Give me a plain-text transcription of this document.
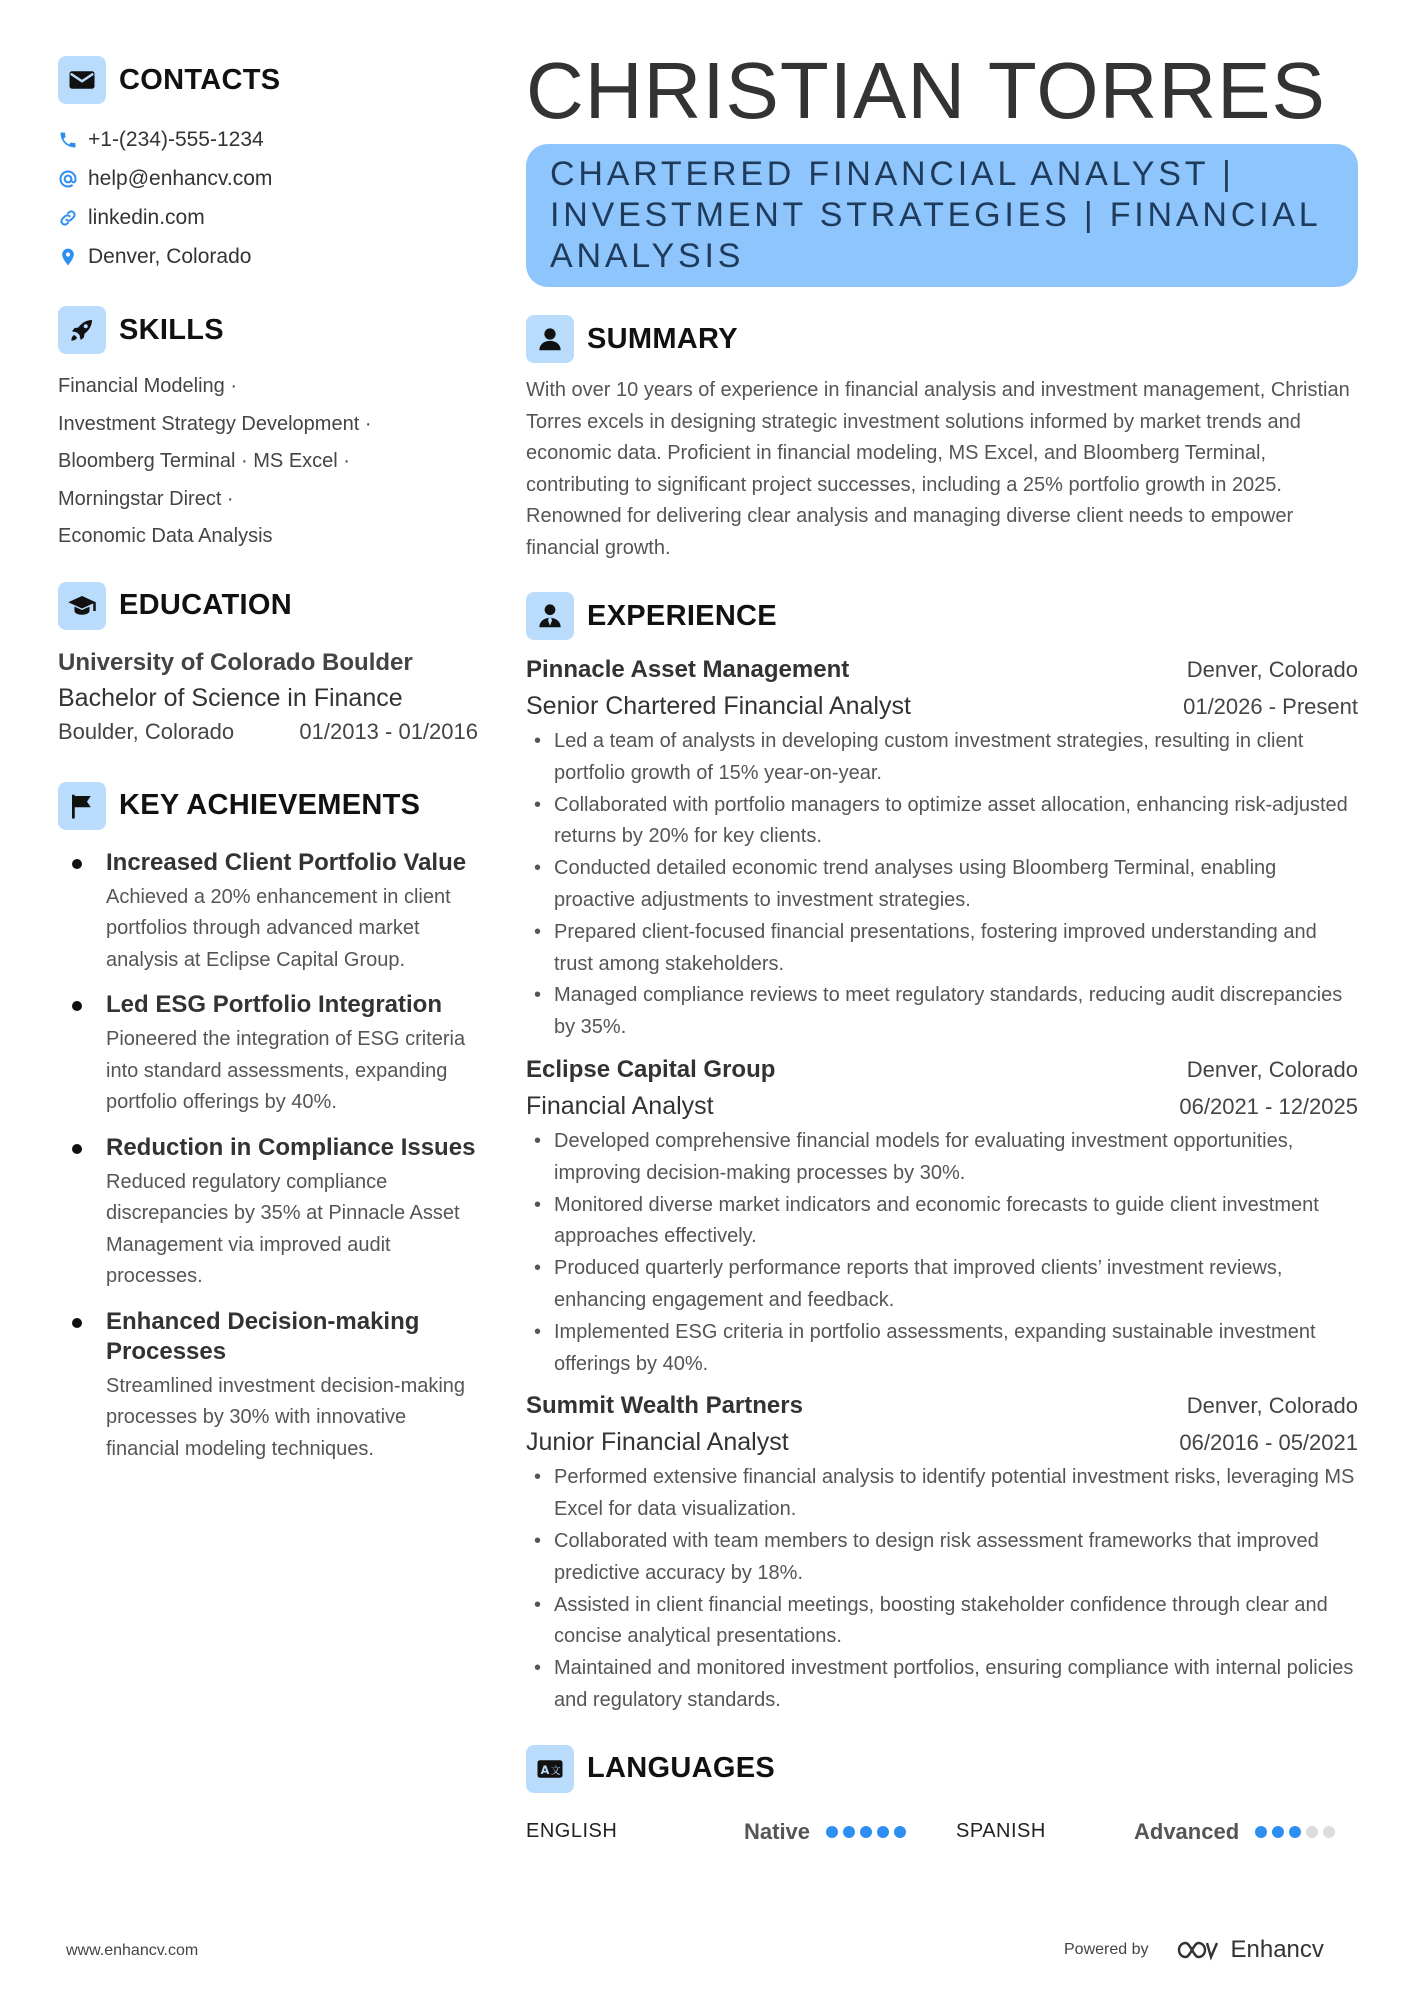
CONTACTS
+1-(234)-555-1234
help@enhancv.com
linkedin.com
Denver, Colorado
SKILLS
Financial Modeling ·
Investment Strategy Development ·
Bloomberg Terminal · MS Excel ·
Morningstar Direct ·
Economic Data Analysis
EDUCATION
University of Colorado Boulder
Bachelor of Science in Finance
Boulder, Colorado	01/2013 - 01/2016
KEY ACHIEVEMENTS
Increased Client Portfolio Value
Achieved a 20% enhancement in client portfolios through advanced market analysis at Eclipse Capital Group.
Led ESG Portfolio Integration
Pioneered the integration of ESG criteria into standard assessments, expanding portfolio offerings by 40%.
Reduction in Compliance Issues
Reduced regulatory compliance discrepancies by 35% at Pinnacle Asset Management via improved audit processes.
Enhanced Decision-making Processes
Streamlined investment decision-making processes by 30% with innovative financial modeling techniques.
CHRISTIAN TORRES
CHARTERED FINANCIAL ANALYST | INVESTMENT STRATEGIES | FINANCIAL ANALYSIS
SUMMARY
With over 10 years of experience in financial analysis and investment management, Christian Torres excels in designing strategic investment solutions informed by market trends and economic data. Proficient in financial modeling, MS Excel, and Bloomberg Terminal, contributing to significant project successes, including a 25% portfolio growth in 2025. Renowned for delivering clear analysis and managing diverse client needs to empower financial growth.
EXPERIENCE
Pinnacle Asset Management	Denver, Colorado
Senior Chartered Financial Analyst	01/2026 - Present
• Led a team of analysts in developing custom investment strategies, resulting in client portfolio growth of 15% year-on-year.
• Collaborated with portfolio managers to optimize asset allocation, enhancing risk-adjusted returns by 20% for key clients.
• Conducted detailed economic trend analyses using Bloomberg Terminal, enabling proactive adjustments to investment strategies.
• Prepared client-focused financial presentations, fostering improved understanding and trust among stakeholders.
• Managed compliance reviews to meet regulatory standards, reducing audit discrepancies by 35%.
Eclipse Capital Group	Denver, Colorado
Financial Analyst	06/2021 - 12/2025
• Developed comprehensive financial models for evaluating investment opportunities, improving decision-making processes by 30%.
• Monitored diverse market indicators and economic forecasts to guide client investment approaches effectively.
• Produced quarterly performance reports that improved clients’ investment reviews, enhancing engagement and feedback.
• Implemented ESG criteria in portfolio assessments, expanding sustainable investment offerings by 40%.
Summit Wealth Partners	Denver, Colorado
Junior Financial Analyst	06/2016 - 05/2021
• Performed extensive financial analysis to identify potential investment risks, leveraging MS Excel for data visualization.
• Collaborated with team members to design risk assessment frameworks that improved predictive accuracy by 18%.
• Assisted in client financial meetings, boosting stakeholder confidence through clear and concise analytical presentations.
• Maintained and monitored investment portfolios, ensuring compliance with internal policies and regulatory standards.
A 文 LANGUAGES
ENGLISH	Native	SPANISH	Advanced
www.enhancv.com	Powered by	Enhancv
